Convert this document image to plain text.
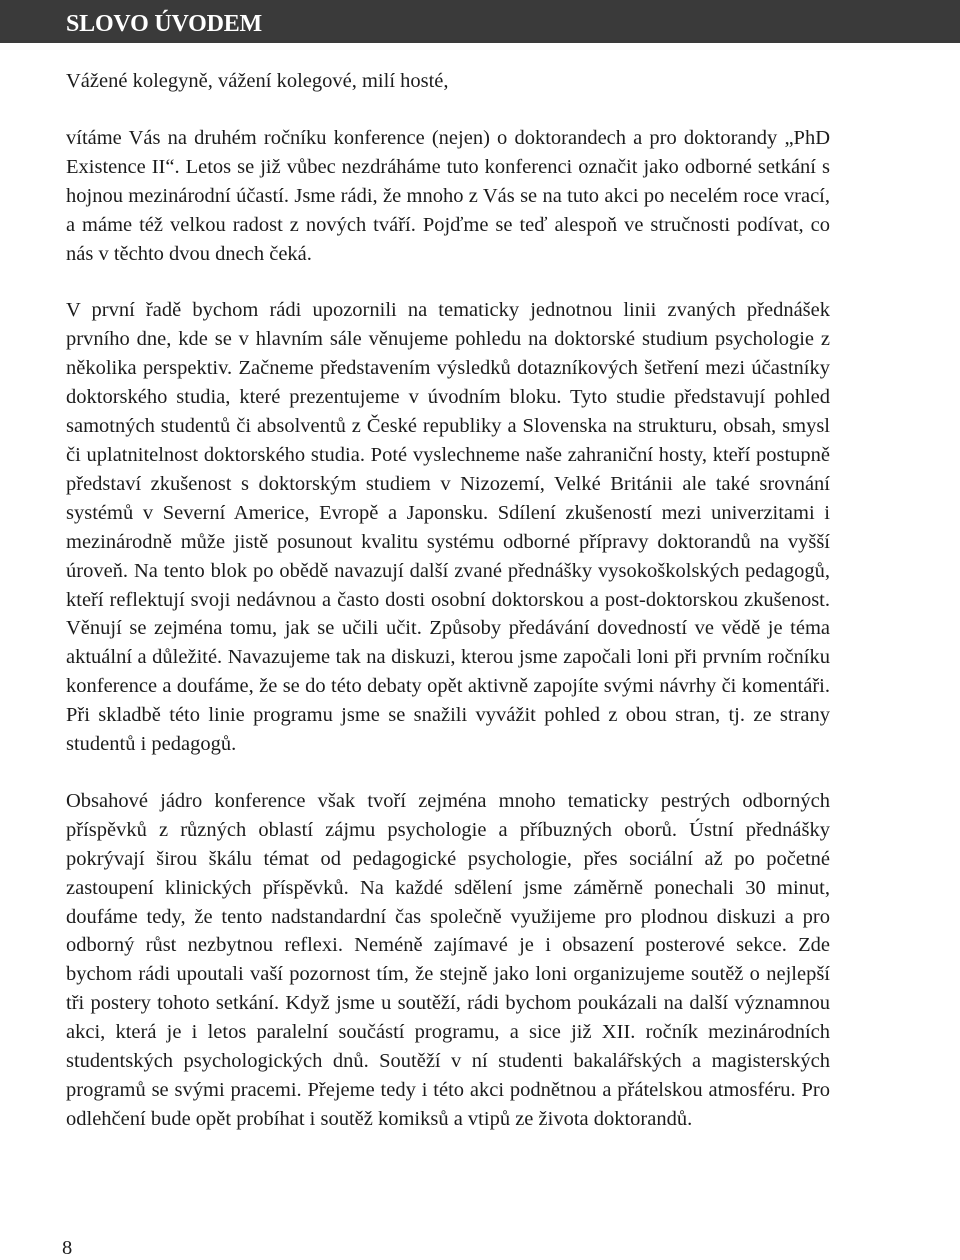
SLOVO ÚVODEM

Vážené kolegyně, vážení kolegové, milí hosté,

vítáme Vás na druhém ročníku konference (nejen) o doktorandech a pro doktorandy „PhD Existence II“. Letos se již vůbec nezdráháme tuto konferenci označit jako odborné setkání s hojnou mezinárodní účastí. Jsme rádi, že mnoho z Vás se na tuto akci po necelém roce vrací, a máme též velkou radost z nových tváří. Pojďme se teď alespoň ve stručnosti podívat, co nás v těchto dvou dnech čeká.

V první řadě bychom rádi upozornili na tematicky jednotnou linii zvaných přednášek prvního dne, kde se v hlavním sále věnujeme pohledu na doktorské studium psychologie z několika perspektiv. Začneme představením výsledků dotazníkových šetření mezi účastníky doktorského studia, které prezentujeme v úvodním bloku. Tyto studie představují pohled samotných studentů či absolventů z České republiky a Slovenska na strukturu, obsah, smysl či uplatnitelnost doktorského studia. Poté vyslechneme naše zahraniční hosty, kteří postupně představí zkušenost s doktorským studiem v Nizozemí, Velké Británii ale také srovnání systémů v Severní Americe, Evropě a Japonsku. Sdílení zkušeností mezi univerzitami i mezinárodně může jistě posunout kvalitu systému odborné přípravy doktorandů na vyšší úroveň. Na tento blok po obědě navazují další zvané přednášky vysokoškolských pedagogů, kteří reflektují svoji nedávnou a často dosti osobní doktorskou a post-doktorskou zkušenost. Věnují se zejména tomu, jak se učili učit. Způsoby předávání dovedností ve vědě je téma aktuální a důležité. Navazujeme tak na diskuzi, kterou jsme započali loni při prvním ročníku konference a doufáme, že se do této debaty opět aktivně zapojíte svými návrhy či komentáři. Při skladbě této linie programu jsme se snažili vyvážit pohled z obou stran, tj. ze strany studentů i pedagogů.

Obsahové jádro konference však tvoří zejména mnoho tematicky pestrých odborných příspěvků z různých oblastí zájmu psychologie a příbuzných oborů. Ústní přednášky pokrývají širou škálu témat od pedagogické psychologie, přes sociální až po početné zastoupení klinických příspěvků. Na každé sdělení jsme záměrně ponechali 30 minut, doufáme tedy, že tento nadstandardní čas společně využijeme pro plodnou diskuzi a pro odborný růst nezbytnou reflexi. Neméně zajímavé je i obsazení posterové sekce. Zde bychom rádi upoutali vaší pozornost tím, že stejně jako loni organizujeme soutěž o nejlepší tři postery tohoto setkání. Když jsme u soutěží, rádi bychom poukázali na další významnou akci, která je i letos paralelní součástí programu, a sice již XII. ročník mezinárodních studentských psychologických dnů. Soutěží v ní studenti bakalářských a magisterských programů se svými pracemi. Přejeme tedy i této akci podnětnou a přátelskou atmosféru. Pro odlehčení bude opět probíhat i soutěž komiksů a vtipů ze života doktorandů.

8
